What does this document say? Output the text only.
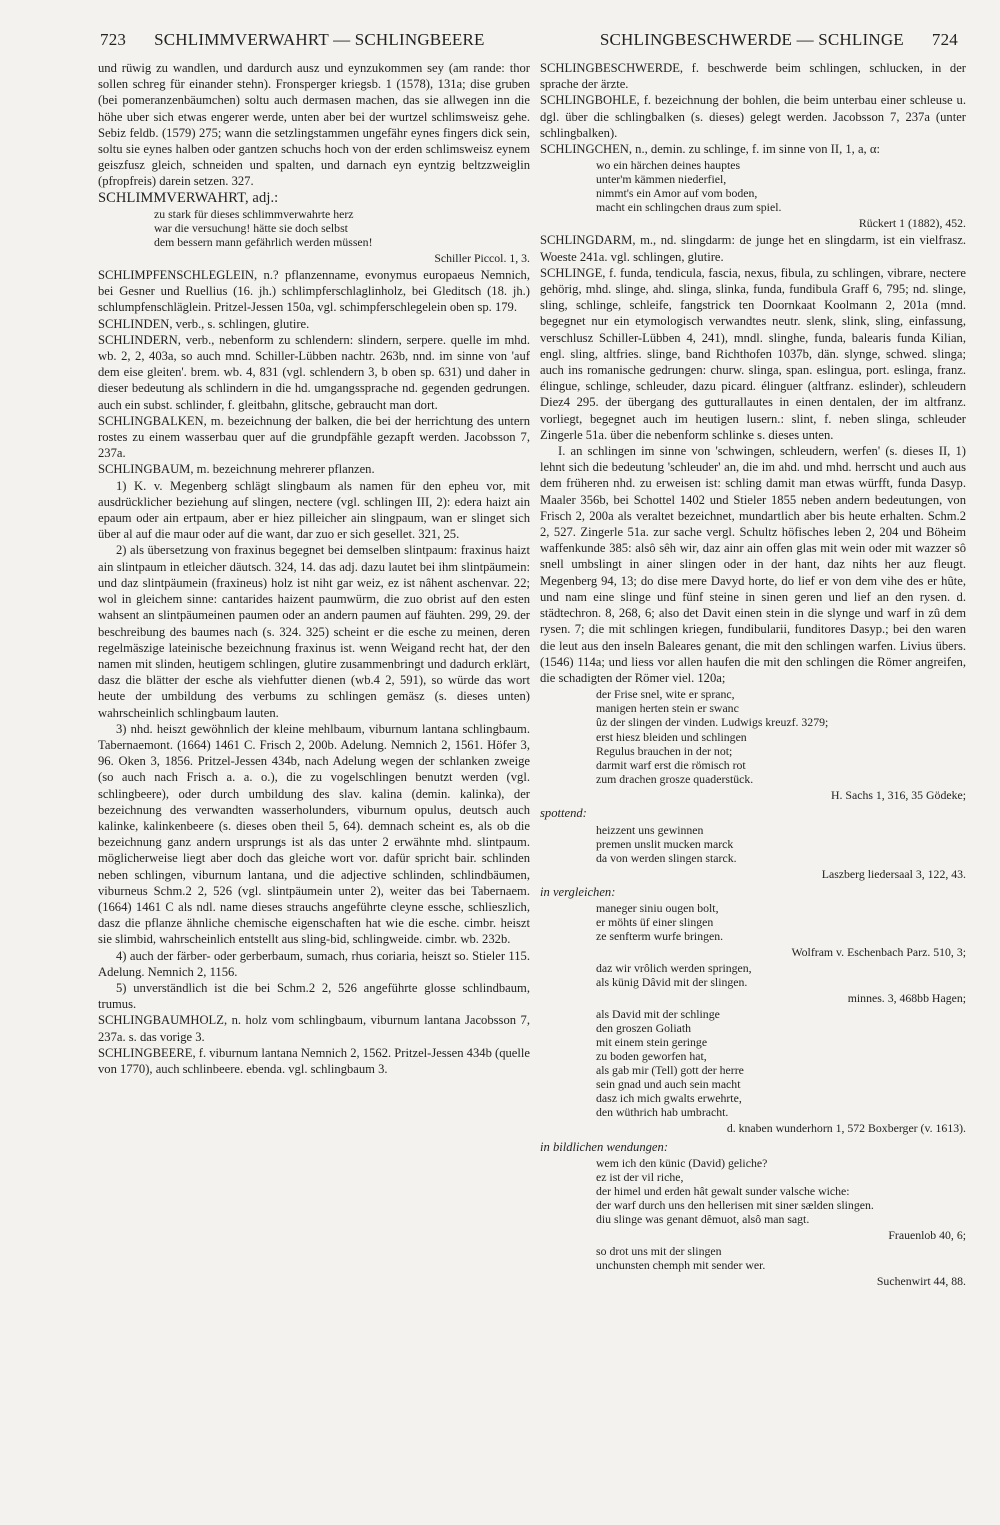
723 SCHLIMMVERWAHRT — SCHLINGBEERE	SCHLINGBESCHWERDE — SCHLINGE 724

und rüwig zu wandlen, und dardurch ausz und eynzukommen sey (am rande: thor sollen schreg für einander stehn). Fronsperger kriegsb. 1 (1578), 131a; dise gruben (bei pomeranzenbäumchen) soltu auch dermasen machen, das sie allwegen inn die höhe uber sich etwas engerer werde, unten aber bei der wurtzel schlimsweisz gehe. Sebiz feldb. (1579) 275; wann die setzlingstammen ungefähr eynes fingers dick sein, soltu sie eynes halben oder gantzen schuchs hoch von der erden schlimsweisz eynem geiszfusz gleich, schneiden und spalten, und darnach eyn eyntzig beltzzweiglin (pfropfreis) darein setzen. 327.

SCHLIMMVERWAHRT, adj.:

zu stark für dieses schlimmverwahrte herz
war die versuchung! hätte sie doch selbst
dem bessern mann gefährlich werden müssen!

Schiller Piccol. 1, 3.

SCHLIMPFENSCHLEGLEIN, n.? pflanzenname, evonymus europaeus Nemnich, bei Gesner und Ruellius (16. jh.) schlimpferschlaglinholz, bei Gleditsch (18. jh.) schlumpfenschläglein. Pritzel-Jessen 150a, vgl. schimpferschlegelein oben sp. 179.

SCHLINDEN, verb., s. schlingen, glutire.

SCHLINDERN, verb., nebenform zu schlendern: slindern, serpere. quelle im mhd. wb. 2, 2, 403a, so auch mnd. Schiller-Lübben nachtr. 263b, nnd. im sinne von 'auf dem eise gleiten'. brem. wb. 4, 831 (vgl. schlendern 3, b oben sp. 631) und daher in dieser bedeutung als schlindern in die hd. umgangssprache nd. gegenden gedrungen. auch ein subst. schlinder, f. gleitbahn, glitsche, gebraucht man dort.

SCHLINGBALKEN, m. bezeichnung der balken, die bei der herrichtung des untern rostes zu einem wasserbau quer auf die grundpfähle gezapft werden. Jacobsson 7, 237a.

SCHLINGBAUM, m. bezeichnung mehrerer pflanzen.

1) K. v. Megenberg schlägt slingbaum als namen für den epheu vor, mit ausdrücklicher beziehung auf slingen, nectere (vgl. schlingen III, 2): edera haizt ain epaum oder ain ertpaum, aber er hiez pilleicher ain slingpaum, wan er slinget sich über al auf die maur oder auf die want, dar zuo er sich gesellet. 321, 25.

2) als übersetzung von fraxinus begegnet bei demselben slintpaum: fraxinus haizt ain slintpaum in etleicher däutsch. 324, 14. das adj. dazu lautet bei ihm slintpäumein: und daz slintpäumein (fraxineus) holz ist niht gar weiz, ez ist nâhent aschenvar. 22; wol in gleichem sinne: cantarides haizent paumwürm, die zuo obrist auf den esten wahsent an slintpäumeinen paumen oder an andern paumen auf fäuhten. 299, 29. der beschreibung des baumes nach (s. 324. 325) scheint er die esche zu meinen, deren regelmäszige lateinische bezeichnung fraxinus ist. wenn Weigand recht hat, der den namen mit slinden, heutigem schlingen, glutire zusammenbringt und dadurch erklärt, dasz die blätter der esche als viehfutter dienen (wb.4 2, 591), so würde das wort heute der umbildung des verbums zu schlingen gemäsz (s. dieses unten) wahrscheinlich schlingbaum lauten.

3) nhd. heiszt gewöhnlich der kleine mehlbaum, viburnum lantana schlingbaum. Tabernaemont. (1664) 1461 C. Frisch 2, 200b. Adelung. Nemnich 2, 1561. Höfer 3, 96. Oken 3, 1856. Pritzel-Jessen 434b, nach Adelung wegen der schlanken zweige (so auch nach Frisch a. a. o.), die zu vogelschlingen benutzt werden (vgl. schlingbeere), oder durch umbildung des slav. kalina (demin. kalinka), der bezeichnung des verwandten wasserholunders, viburnum opulus, deutsch auch kalinke, kalinkenbeere (s. dieses oben theil 5, 64). demnach scheint es, als ob die bezeichnung ganz andern ursprungs ist als das unter 2 erwähnte mhd. slintpaum. möglicherweise liegt aber doch das gleiche wort vor. dafür spricht bair. schlinden neben schlingen, viburnum lantana, und die adjective schlinden, schlindbäumen, viburneus Schm.2 2, 526 (vgl. slintpäumein unter 2), weiter das bei Tabernaem. (1664) 1461 C als ndl. name dieses strauchs angeführte cleyne essche, schlieszlich, dasz die pflanze ähnliche chemische eigenschaften hat wie die esche. cimbr. heiszt sie slimbid, wahrscheinlich entstellt aus sling-bid, schlingweide. cimbr. wb. 232b.

4) auch der färber- oder gerberbaum, sumach, rhus coriaria, heiszt so. Stieler 115. Adelung. Nemnich 2, 1156.

5) unverständlich ist die bei Schm.2 2, 526 angeführte glosse schlindbaum, trumus.

SCHLINGBAUMHOLZ, n. holz vom schlingbaum, viburnum lantana Jacobsson 7, 237a. s. das vorige 3.

SCHLINGBEERE, f. viburnum lantana Nemnich 2, 1562. Pritzel-Jessen 434b (quelle von 1770), auch schlinbeere. ebenda. vgl. schlingbaum 3.

SCHLINGBESCHWERDE, f. beschwerde beim schlingen, schlucken, in der sprache der ärzte.

SCHLINGBOHLE, f. bezeichnung der bohlen, die beim unterbau einer schleuse u. dgl. über die schlingbalken (s. dieses) gelegt werden. Jacobsson 7, 237a (unter schlingbalken).

SCHLINGCHEN, n., demin. zu schlinge, f. im sinne von II, 1, a, α:

wo ein härchen deines hauptes
unter'm kämmen niederfiel,
nimmt's ein Amor auf vom boden,
macht ein schlingchen draus zum spiel.

Rückert 1 (1882), 452.

SCHLINGDARM, m., nd. slingdarm: de junge het en slingdarm, ist ein vielfrasz. Woeste 241a. vgl. schlingen, glutire.

SCHLINGE, f. funda, tendicula, fascia, nexus, fibula, zu schlingen, vibrare, nectere gehörig, mhd. slinge, ahd. slinga, slinka, funda, fundibula Graff 6, 795; nd. slinge, sling, schlinge, schleife, fangstrick ten Doornkaat Koolmann 2, 201a (mnd. begegnet nur ein etymologisch verwandtes neutr. slenk, slink, sling, einfassung, verschlusz Schiller-Lübben 4, 241), mndl. slinghe, funda, balearis funda Kilian, engl. sling, altfries. slinge, band Richthofen 1037b, dän. slynge, schwed. slinga; auch ins romanische gedrungen: churw. slinga, span. eslinguа, port. eslinga, franz. élingue, schlinge, schleuder, dazu picard. élinguer (altfranz. eslinder), schleudern Diez4 295. der übergang des gutturallautes in einen dentalen, der im altfranz. vorliegt, begegnet auch im heutigen lusern.: slint, f. neben slinga, schleuder Zingerle 51a. über die nebenform schlinke s. dieses unten.

I. an schlingen im sinne von 'schwingen, schleudern, werfen' (s. dieses II, 1) lehnt sich die bedeutung 'schleuder' an, die im ahd. und mhd. herrscht und auch aus dem früheren nhd. zu erweisen ist: schling damit man etwas würfft, funda Dasyp. Maaler 356b, bei Schottel 1402 und Stieler 1855 neben andern bedeutungen, von Frisch 2, 200a als veraltet bezeichnet, mundartlich aber bis heute erhalten. Schm.2 2, 527. Zingerle 51a. zur sache vergl. Schultz höfisches leben 2, 204 und Böheim waffenkunde 385: alsô sêh wir, daz ainr ain offen glas mit wein oder mit wazzer sô snell umbslingt in ainer slingen oder in der hant, daz nihts her auz fleugt. Megenberg 94, 13; do dise mere Davyd horte, do lief er von dem vihe des er hûte, und nam eine slinge und fünf steine in sinen geren und lief an den rysen. d. städtechron. 8, 268, 6; also det Davit einen stein in die slynge und warf in zû dem rysen. 7; die mit schlingen kriegen, fundibularii, funditores Dasyp.; bei den waren die leut aus den inseln Baleares genant, die mit den schlingen warfen. Livius übers. (1546) 114a; und liess vor allen haufen die mit den schlingen die Römer angreifen, die schadigten der Römer viel. 120a;

der Frise snel, wite er spranc,
manigen herten stein er swanc
ûz der slingen der vinden. Ludwigs kreuzf. 3279;

erst hiesz bleiden und schlingen
Regulus brauchen in der not;
darmit warf erst die römisch rot
zum drachen grosze quaderstück.

H. Sachs 1, 316, 35 Gödeke;

spottend:

heizzent uns gewinnen
premen unslit mucken marck
da von werden slingen starck.

Laszberg liedersaal 3, 122, 43.

in vergleichen:

maneger siniu ougen bolt,
er möhts üf einer slingen
ze senfterm wurfe bringen.

Wolfram v. Eschenbach Parz. 510, 3;

daz wir vrôlich werden springen,
als künig Dâvid mit der slingen.

minnes. 3, 468bb Hagen;

als David mit der schlinge
den groszen Goliath
mit einem stein geringe
zu boden geworfen hat,
als gab mir (Tell) gott der herre
sein gnad und auch sein macht
dasz ich mich gwalts erwehrte,
den wüthrich hab umbracht.

d. knaben wunderhorn 1, 572 Boxberger (v. 1613).

in bildlichen wendungen:

wem ich den künic (David) geliche?
ez ist der vil riche,
der himel und erden hât gewalt sunder valsche wiche:
der warf durch uns den hellerisen mit siner sælden slingen.
diu slinge was genant dêmuot, alsô man sagt.

Frauenlob 40, 6;

so drot uns mit der slingen
unchunsten chemph mit sender wer.

Suchenwirt 44, 88.
